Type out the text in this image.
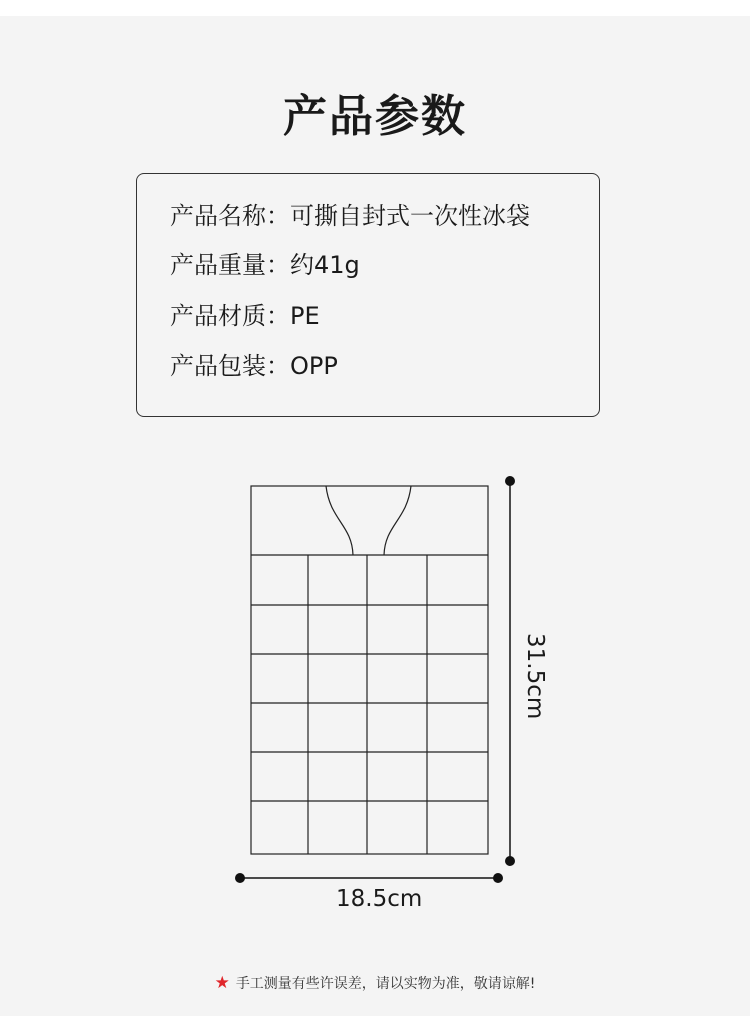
产品参数
产品名称：可撕自封式一次性冰袋
产品重量：约41g
产品材质：PE
产品包装：OPP
18.5cm
31.5cm
★ 手工测量有些许误差，请以实物为准，敬请谅解!
